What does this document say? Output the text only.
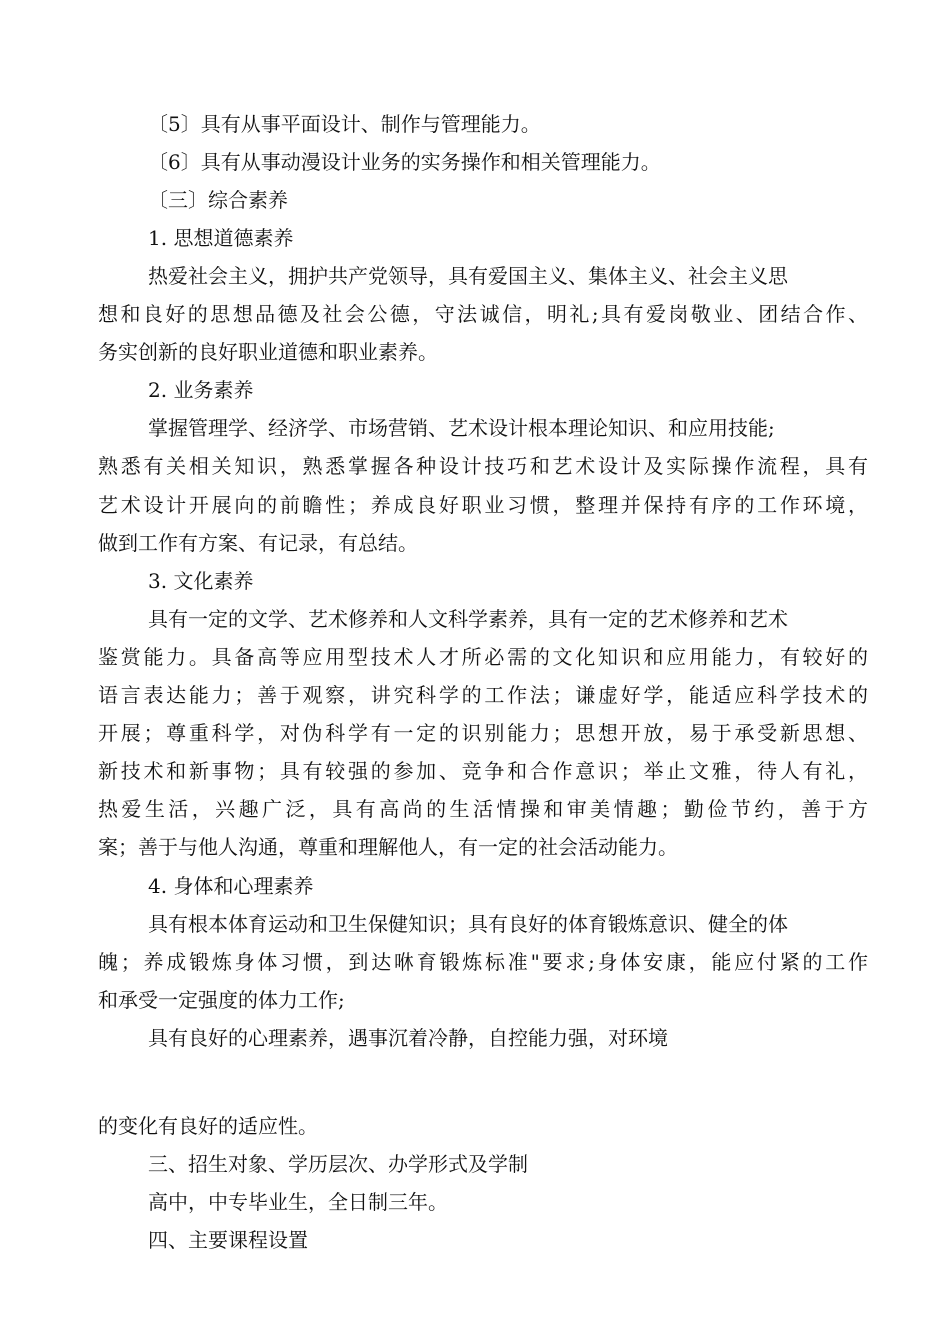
〔5〕具有从事平面设计、制作与管理能力。
〔6〕具有从事动漫设计业务的实务操作和相关管理能力。
〔三〕综合素养
1. 思想道德素养
热爱社会主义，拥护共产党领导，具有爱国主义、集体主义、社会主义思
想和良好的思想品德及社会公德，守法诚信，明礼;具有爱岗敬业、团结合作、
务实创新的良好职业道德和职业素养。
2. 业务素养
掌握管理学、经济学、市场营销、艺术设计根本理论知识、和应用技能;
熟悉有关相关知识，熟悉掌握各种设计技巧和艺术设计及实际操作流程，具有
艺术设计开展向的前瞻性；养成良好职业习惯，整理并保持有序的工作环境，
做到工作有方案、有记录，有总结。
3. 文化素养
具有一定的文学、艺术修养和人文科学素养，具有一定的艺术修养和艺术
鉴赏能力。具备高等应用型技术人才所必需的文化知识和应用能力，有较好的
语言表达能力；善于观察，讲究科学的工作法；谦虚好学，能适应科学技术的
开展；尊重科学，对伪科学有一定的识别能力；思想开放，易于承受新思想、
新技术和新事物；具有较强的参加、竞争和合作意识；举止文雅，待人有礼，
热爱生活，兴趣广泛，具有高尚的生活情操和审美情趣；勤俭节约，善于方
案；善于与他人沟通，尊重和理解他人，有一定的社会活动能力。
4. 身体和心理素养
具有根本体育运动和卫生保健知识；具有良好的体育锻炼意识、健全的体
魄；养成锻炼身体习惯，到达咻育锻炼标准"要求;身体安康，能应付紧的工作
和承受一定强度的体力工作;
具有良好的心理素养，遇事沉着冷静，自控能力强，对环境
的变化有良好的适应性。
三、招生对象、学历层次、办学形式及学制
高中，中专毕业生，全日制三年。
四、主要课程设置
